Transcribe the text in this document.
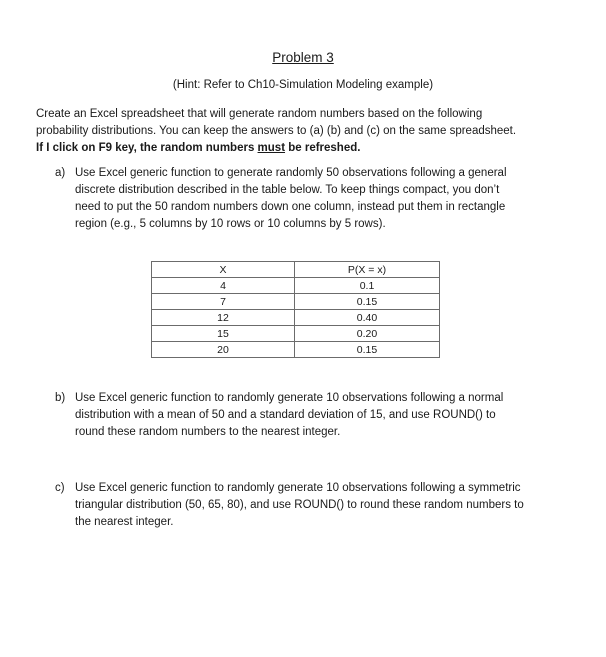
Problem 3
(Hint: Refer to Ch10-Simulation Modeling example)
Create an Excel spreadsheet that will generate random numbers based on the following
probability distributions. You can keep the answers to (a) (b) and (c) on the same spreadsheet.
If I click on F9 key, the random numbers must be refreshed.
a) Use Excel generic function to generate randomly 50 observations following a general
discrete distribution described in the table below. To keep things compact, you don’t
need to put the 50 random numbers down one column, instead put them in rectangle
region (e.g., 5 columns by 10 rows or 10 columns by 5 rows).
X	P(X = x)
4	0.1
7	0.15
12	0.40
15	0.20
20	0.15
b) Use Excel generic function to randomly generate 10 observations following a normal
distribution with a mean of 50 and a standard deviation of 15, and use ROUND() to
round these random numbers to the nearest integer.
c) Use Excel generic function to randomly generate 10 observations following a symmetric
triangular distribution (50, 65, 80), and use ROUND() to round these random numbers to
the nearest integer.
